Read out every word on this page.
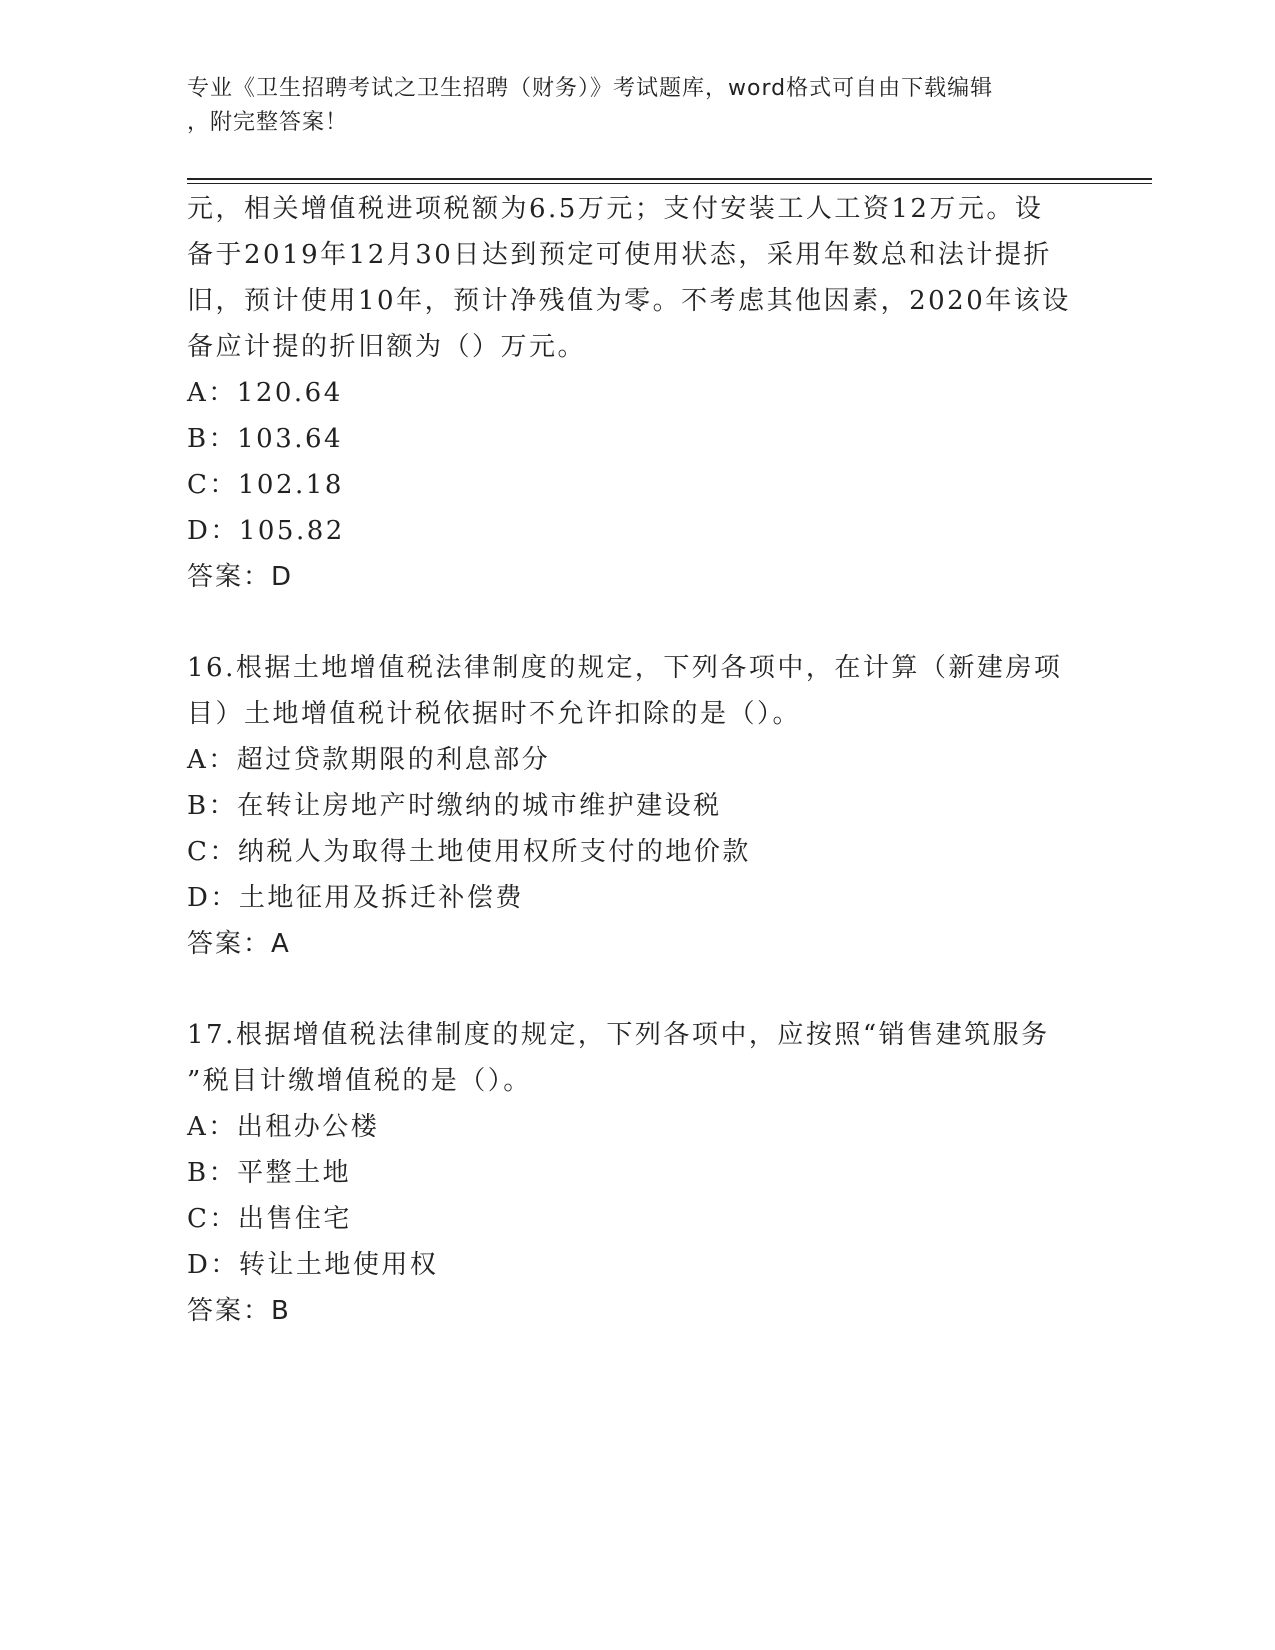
专业《卫生招聘考试之卫生招聘（财务）》考试题库，word格式可自由下载编辑
，附完整答案！
元，相关增值税进项税额为6.5万元；支付安装工人工资12万元。设
备于2019年12月30日达到预定可使用状态，采用年数总和法计提折
旧，预计使用10年，预计净残值为零。不考虑其他因素，2020年该设
备应计提的折旧额为（）万元。
A：120.64
B：103.64
C：102.18
D：105.82
答案：D
16.根据土地增值税法律制度的规定，下列各项中，在计算（新建房项
目）土地增值税计税依据时不允许扣除的是（）。
A：超过贷款期限的利息部分
B：在转让房地产时缴纳的城市维护建设税
C：纳税人为取得土地使用权所支付的地价款
D：土地征用及拆迁补偿费
答案：A
17.根据增值税法律制度的规定，下列各项中，应按照“销售建筑服务
”税目计缴增值税的是（）。
A：出租办公楼
B：平整土地
C：出售住宅
D：转让土地使用权
答案：B
